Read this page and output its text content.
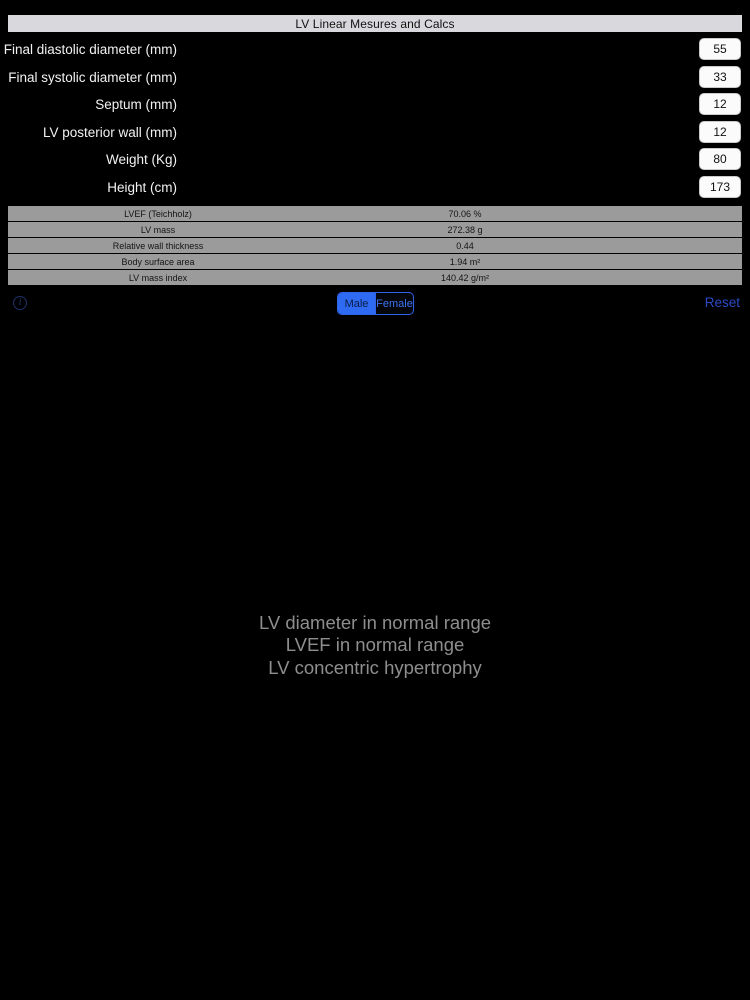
LV Linear Mesures and Calcs
Final diastolic diameter (mm)
55
Final systolic diameter (mm)
33
Septum (mm)
12
LV posterior wall (mm)
12
Weight (Kg)
80
Height (cm)
173
LVEF (Teichholz)	70.06 %
LV mass	272.38 g
Relative wall thickness	0.44
Body surface area	1.94 m²
LV mass index	140.42 g/m²
i	Male Female	Reset
LV diameter in normal range
LVEF in normal range
LV concentric hypertrophy
